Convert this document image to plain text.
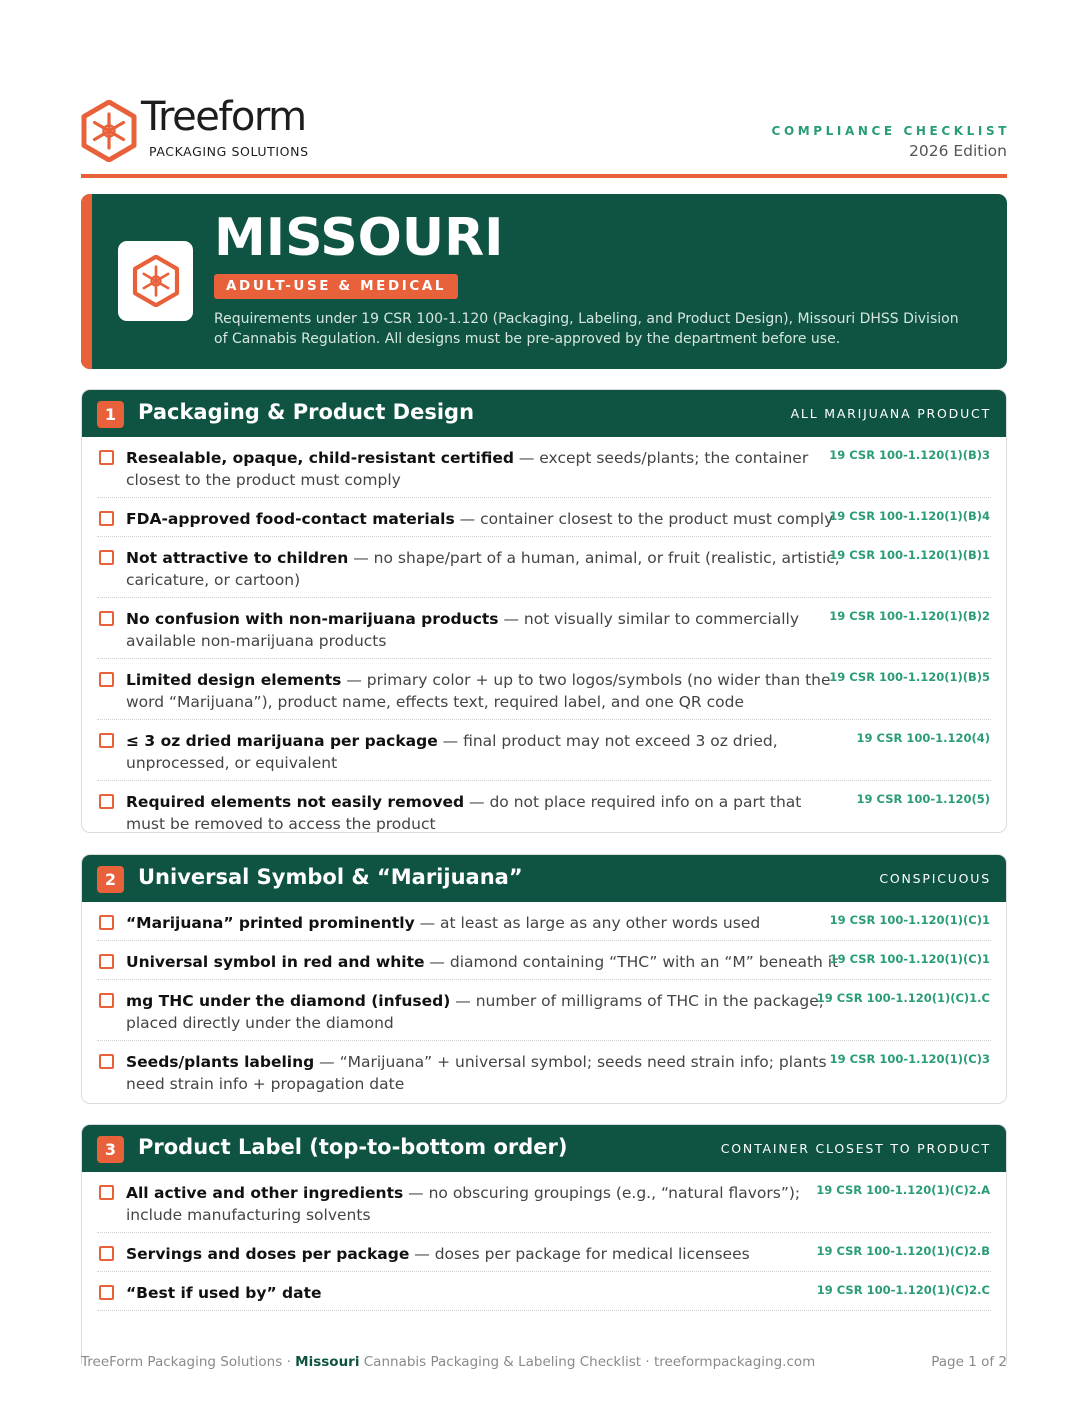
Treeform
PACKAGING SOLUTIONS
COMPLIANCE CHECKLIST
2026 Edition
MISSOURI
ADULT-USE & MEDICAL
Requirements under 19 CSR 100-1.120 (Packaging, Labeling, and Product Design), Missouri DHSS Division of Cannabis Regulation. All designs must be pre-approved by the department before use.
1	Packaging & Product Design	ALL MARIJUANA PRODUCT
Resealable, opaque, child-resistant certified — except seeds/plants; the container closest to the product must comply
19 CSR 100-1.120(1)(B)3
FDA-approved food-contact materials — container closest to the product must comply
19 CSR 100-1.120(1)(B)4
Not attractive to children — no shape/part of a human, animal, or fruit (realistic, artistic, caricature, or cartoon)
19 CSR 100-1.120(1)(B)1
No confusion with non-marijuana products — not visually similar to commercially available non-marijuana products
19 CSR 100-1.120(1)(B)2
Limited design elements — primary color + up to two logos/symbols (no wider than the word “Marijuana”), product name, effects text, required label, and one QR code
19 CSR 100-1.120(1)(B)5
≤ 3 oz dried marijuana per package — final product may not exceed 3 oz dried, unprocessed, or equivalent
19 CSR 100-1.120(4)
Required elements not easily removed — do not place required info on a part that must be removed to access the product
19 CSR 100-1.120(5)
2	Universal Symbol & “Marijuana”	CONSPICUOUS
“Marijuana” printed prominently — at least as large as any other words used	19 CSR 100-1.120(1)(C)1
Universal symbol in red and white — diamond containing “THC” with an “M” beneath it
19 CSR 100-1.120(1)(C)1
mg THC under the diamond (infused) — number of milligrams of THC in the package, placed directly under the diamond
19 CSR 100-1.120(1)(C)1.C
Seeds/plants labeling — “Marijuana” + universal symbol; seeds need strain info; plants need strain info + propagation date
19 CSR 100-1.120(1)(C)3
3	Product Label (top-to-bottom order)	CONTAINER CLOSEST TO PRODUCT
All active and other ingredients — no obscuring groupings (e.g., “natural flavors”); include manufacturing solvents
19 CSR 100-1.120(1)(C)2.A
Servings and doses per package — doses per package for medical licensees	19 CSR 100-1.120(1)(C)2.B
“Best if used by” date	19 CSR 100-1.120(1)(C)2.C
TreeForm Packaging Solutions · Missouri Cannabis Packaging & Labeling Checklist · treeformpackaging.com	Page 1 of 2
